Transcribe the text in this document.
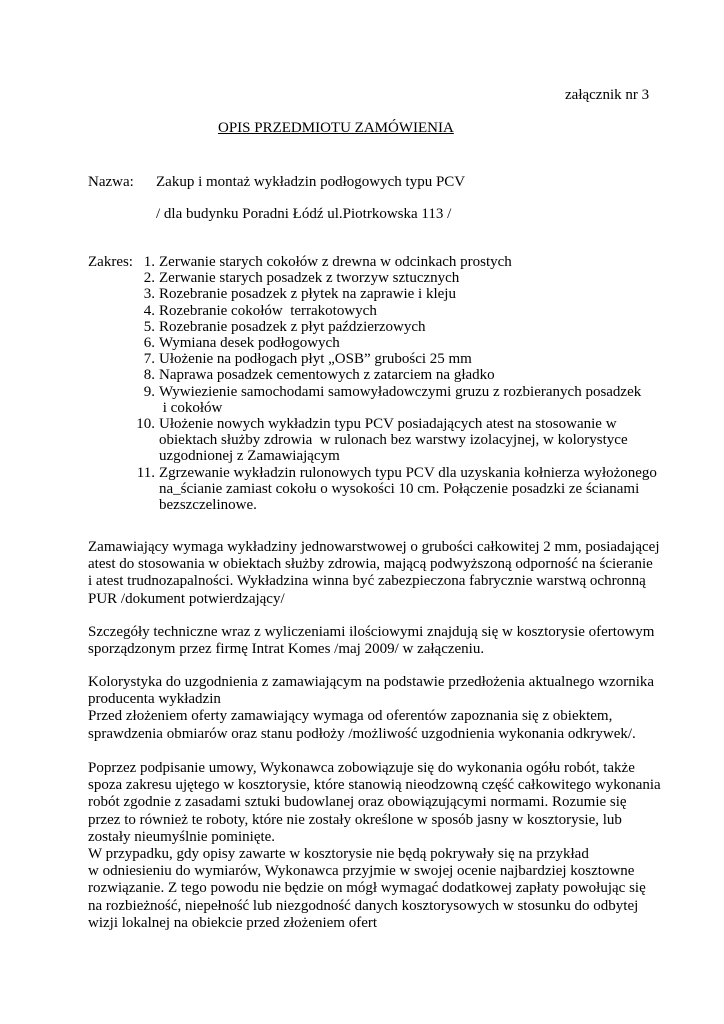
załącznik nr 3
OPIS PRZEDMIOTU ZAMÓWIENIA
Nazwa: Zakup i montaż wykładzin podłogowych typu PCV
/ dla budynku Poradni Łódź ul.Piotrkowska 113 /
Zakres: 1. Zerwanie starych cokołów z drewna w odcinkach prostych
2. Zerwanie starych posadzek z tworzyw sztucznych
3. Rozebranie posadzek z płytek na zaprawie i kleju
4. Rozebranie cokołów  terrakotowych
5. Rozebranie posadzek z płyt paździerzowych
6. Wymiana desek podłogowych
7. Ułożenie na podłogach płyt „OSB” grubości 25 mm
8. Naprawa posadzek cementowych z zatarciem na gładko
9. Wywiezienie samochodami samowyładowczymi gruzu z rozbieranych posadzek
i cokołów
10. Ułożenie nowych wykładzin typu PCV posiadających atest na stosowanie w
obiektach służby zdrowia  w rulonach bez warstwy izolacyjnej, w kolorystyce
uzgodnionej z Zamawiającym
11. Zgrzewanie wykładzin rulonowych typu PCV dla uzyskania kołnierza wyłożonego
na_ścianie zamiast cokołu o wysokości 10 cm. Połączenie posadzki ze ścianami
bezszczelinowe.
Zamawiający wymaga wykładziny jednowarstwowej o grubości całkowitej 2 mm, posiadającej
atest do stosowania w obiektach służby zdrowia, mającą podwyższoną odporność na ścieranie
i atest trudnozapalności. Wykładzina winna być zabezpieczona fabrycznie warstwą ochronną
PUR /dokument potwierdzający/
Szczegóły techniczne wraz z wyliczeniami ilościowymi znajdują się w kosztorysie ofertowym
sporządzonym przez firmę Intrat Komes /maj 2009/ w załączeniu.
Kolorystyka do uzgodnienia z zamawiającym na podstawie przedłożenia aktualnego wzornika
producenta wykładzin
Przed złożeniem oferty zamawiający wymaga od oferentów zapoznania się z obiektem,
sprawdzenia obmiarów oraz stanu podłoży /możliwość uzgodnienia wykonania odkrywek/.
Poprzez podpisanie umowy, Wykonawca zobowiązuje się do wykonania ogółu robót, także
spoza zakresu ujętego w kosztorysie, które stanowią nieodzowną część całkowitego wykonania
robót zgodnie z zasadami sztuki budowlanej oraz obowiązującymi normami. Rozumie się
przez to również te roboty, które nie zostały określone w sposób jasny w kosztorysie, lub
zostały nieumyślnie pominięte.
W przypadku, gdy opisy zawarte w kosztorysie nie będą pokrywały się na przykład
w odniesieniu do wymiarów, Wykonawca przyjmie w swojej ocenie najbardziej kosztowne
rozwiązanie. Z tego powodu nie będzie on mógł wymagać dodatkowej zapłaty powołując się
na rozbieżność, niepełność lub niezgodność danych kosztorysowych w stosunku do odbytej
wizji lokalnej na obiekcie przed złożeniem ofert
